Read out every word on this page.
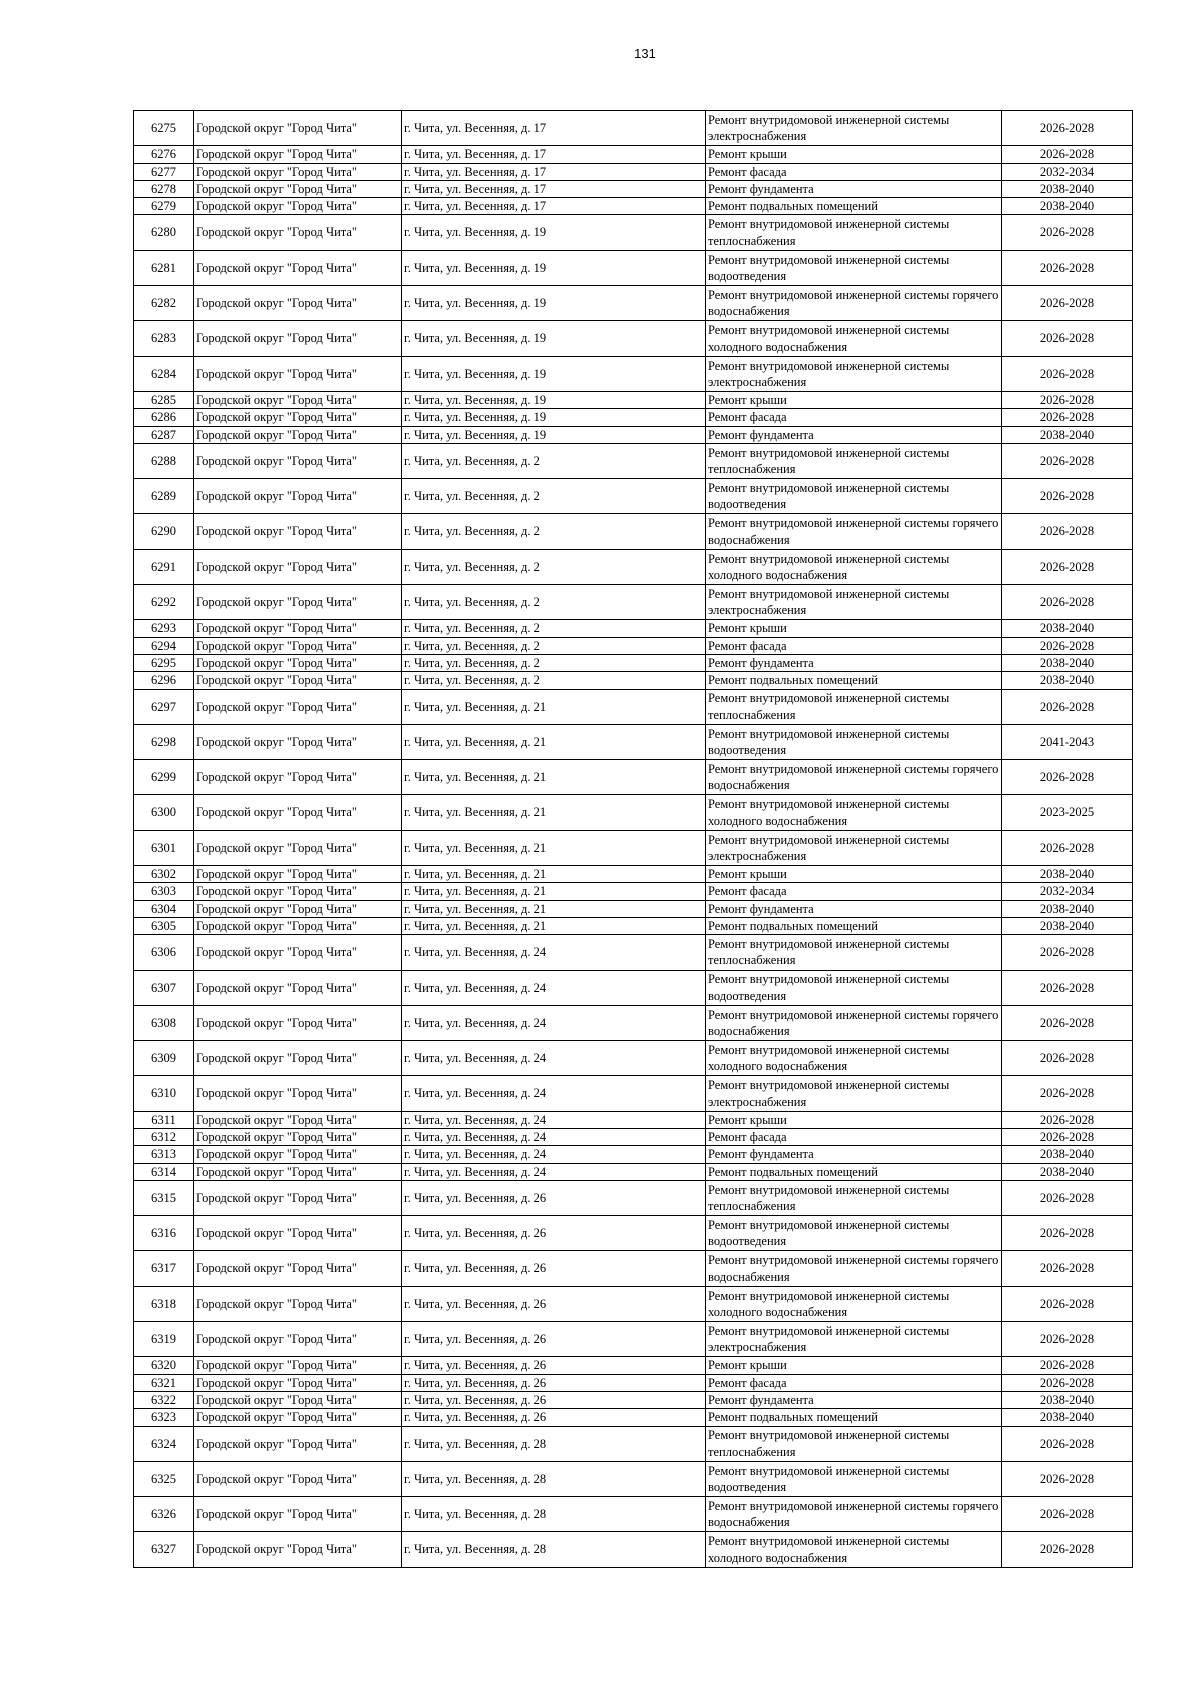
131
6275	Городской округ "Город Чита"	г. Чита, ул. Весенняя, д. 17	Ремонт внутридомовой инженерной системы электроснабжения	2026-2028
6276	Городской округ "Город Чита"	г. Чита, ул. Весенняя, д. 17	Ремонт крыши	2026-2028
6277	Городской округ "Город Чита"	г. Чита, ул. Весенняя, д. 17	Ремонт фасада	2032-2034
6278	Городской округ "Город Чита"	г. Чита, ул. Весенняя, д. 17	Ремонт фундамента	2038-2040
6279	Городской округ "Город Чита"	г. Чита, ул. Весенняя, д. 17	Ремонт подвальных помещений	2038-2040
6280	Городской округ "Город Чита"	г. Чита, ул. Весенняя, д. 19	Ремонт внутридомовой инженерной системы теплоснабжения	2026-2028
6281	Городской округ "Город Чита"	г. Чита, ул. Весенняя, д. 19	Ремонт внутридомовой инженерной системы водоотведения	2026-2028
6282	Городской округ "Город Чита"	г. Чита, ул. Весенняя, д. 19	Ремонт внутридомовой инженерной системы горячего водоснабжения	2026-2028
6283	Городской округ "Город Чита"	г. Чита, ул. Весенняя, д. 19	Ремонт внутридомовой инженерной системы холодного водоснабжения	2026-2028
6284	Городской округ "Город Чита"	г. Чита, ул. Весенняя, д. 19	Ремонт внутридомовой инженерной системы электроснабжения	2026-2028
6285	Городской округ "Город Чита"	г. Чита, ул. Весенняя, д. 19	Ремонт крыши	2026-2028
6286	Городской округ "Город Чита"	г. Чита, ул. Весенняя, д. 19	Ремонт фасада	2026-2028
6287	Городской округ "Город Чита"	г. Чита, ул. Весенняя, д. 19	Ремонт фундамента	2038-2040
6288	Городской округ "Город Чита"	г. Чита, ул. Весенняя, д. 2	Ремонт внутридомовой инженерной системы теплоснабжения	2026-2028
6289	Городской округ "Город Чита"	г. Чита, ул. Весенняя, д. 2	Ремонт внутридомовой инженерной системы водоотведения	2026-2028
6290	Городской округ "Город Чита"	г. Чита, ул. Весенняя, д. 2	Ремонт внутридомовой инженерной системы горячего водоснабжения	2026-2028
6291	Городской округ "Город Чита"	г. Чита, ул. Весенняя, д. 2	Ремонт внутридомовой инженерной системы холодного водоснабжения	2026-2028
6292	Городской округ "Город Чита"	г. Чита, ул. Весенняя, д. 2	Ремонт внутридомовой инженерной системы электроснабжения	2026-2028
6293	Городской округ "Город Чита"	г. Чита, ул. Весенняя, д. 2	Ремонт крыши	2038-2040
6294	Городской округ "Город Чита"	г. Чита, ул. Весенняя, д. 2	Ремонт фасада	2026-2028
6295	Городской округ "Город Чита"	г. Чита, ул. Весенняя, д. 2	Ремонт фундамента	2038-2040
6296	Городской округ "Город Чита"	г. Чита, ул. Весенняя, д. 2	Ремонт подвальных помещений	2038-2040
6297	Городской округ "Город Чита"	г. Чита, ул. Весенняя, д. 21	Ремонт внутридомовой инженерной системы теплоснабжения	2026-2028
6298	Городской округ "Город Чита"	г. Чита, ул. Весенняя, д. 21	Ремонт внутридомовой инженерной системы водоотведения	2041-2043
6299	Городской округ "Город Чита"	г. Чита, ул. Весенняя, д. 21	Ремонт внутридомовой инженерной системы горячего водоснабжения	2026-2028
6300	Городской округ "Город Чита"	г. Чита, ул. Весенняя, д. 21	Ремонт внутридомовой инженерной системы холодного водоснабжения	2023-2025
6301	Городской округ "Город Чита"	г. Чита, ул. Весенняя, д. 21	Ремонт внутридомовой инженерной системы электроснабжения	2026-2028
6302	Городской округ "Город Чита"	г. Чита, ул. Весенняя, д. 21	Ремонт крыши	2038-2040
6303	Городской округ "Город Чита"	г. Чита, ул. Весенняя, д. 21	Ремонт фасада	2032-2034
6304	Городской округ "Город Чита"	г. Чита, ул. Весенняя, д. 21	Ремонт фундамента	2038-2040
6305	Городской округ "Город Чита"	г. Чита, ул. Весенняя, д. 21	Ремонт подвальных помещений	2038-2040
6306	Городской округ "Город Чита"	г. Чита, ул. Весенняя, д. 24	Ремонт внутридомовой инженерной системы теплоснабжения	2026-2028
6307	Городской округ "Город Чита"	г. Чита, ул. Весенняя, д. 24	Ремонт внутридомовой инженерной системы водоотведения	2026-2028
6308	Городской округ "Город Чита"	г. Чита, ул. Весенняя, д. 24	Ремонт внутридомовой инженерной системы горячего водоснабжения	2026-2028
6309	Городской округ "Город Чита"	г. Чита, ул. Весенняя, д. 24	Ремонт внутридомовой инженерной системы холодного водоснабжения	2026-2028
6310	Городской округ "Город Чита"	г. Чита, ул. Весенняя, д. 24	Ремонт внутридомовой инженерной системы электроснабжения	2026-2028
6311	Городской округ "Город Чита"	г. Чита, ул. Весенняя, д. 24	Ремонт крыши	2026-2028
6312	Городской округ "Город Чита"	г. Чита, ул. Весенняя, д. 24	Ремонт фасада	2026-2028
6313	Городской округ "Город Чита"	г. Чита, ул. Весенняя, д. 24	Ремонт фундамента	2038-2040
6314	Городской округ "Город Чита"	г. Чита, ул. Весенняя, д. 24	Ремонт подвальных помещений	2038-2040
6315	Городской округ "Город Чита"	г. Чита, ул. Весенняя, д. 26	Ремонт внутридомовой инженерной системы теплоснабжения	2026-2028
6316	Городской округ "Город Чита"	г. Чита, ул. Весенняя, д. 26	Ремонт внутридомовой инженерной системы водоотведения	2026-2028
6317	Городской округ "Город Чита"	г. Чита, ул. Весенняя, д. 26	Ремонт внутридомовой инженерной системы горячего водоснабжения	2026-2028
6318	Городской округ "Город Чита"	г. Чита, ул. Весенняя, д. 26	Ремонт внутридомовой инженерной системы холодного водоснабжения	2026-2028
6319	Городской округ "Город Чита"	г. Чита, ул. Весенняя, д. 26	Ремонт внутридомовой инженерной системы электроснабжения	2026-2028
6320	Городской округ "Город Чита"	г. Чита, ул. Весенняя, д. 26	Ремонт крыши	2026-2028
6321	Городской округ "Город Чита"	г. Чита, ул. Весенняя, д. 26	Ремонт фасада	2026-2028
6322	Городской округ "Город Чита"	г. Чита, ул. Весенняя, д. 26	Ремонт фундамента	2038-2040
6323	Городской округ "Город Чита"	г. Чита, ул. Весенняя, д. 26	Ремонт подвальных помещений	2038-2040
6324	Городской округ "Город Чита"	г. Чита, ул. Весенняя, д. 28	Ремонт внутридомовой инженерной системы теплоснабжения	2026-2028
6325	Городской округ "Город Чита"	г. Чита, ул. Весенняя, д. 28	Ремонт внутридомовой инженерной системы водоотведения	2026-2028
6326	Городской округ "Город Чита"	г. Чита, ул. Весенняя, д. 28	Ремонт внутридомовой инженерной системы горячего водоснабжения	2026-2028
6327	Городской округ "Город Чита"	г. Чита, ул. Весенняя, д. 28	Ремонт внутридомовой инженерной системы холодного водоснабжения	2026-2028
